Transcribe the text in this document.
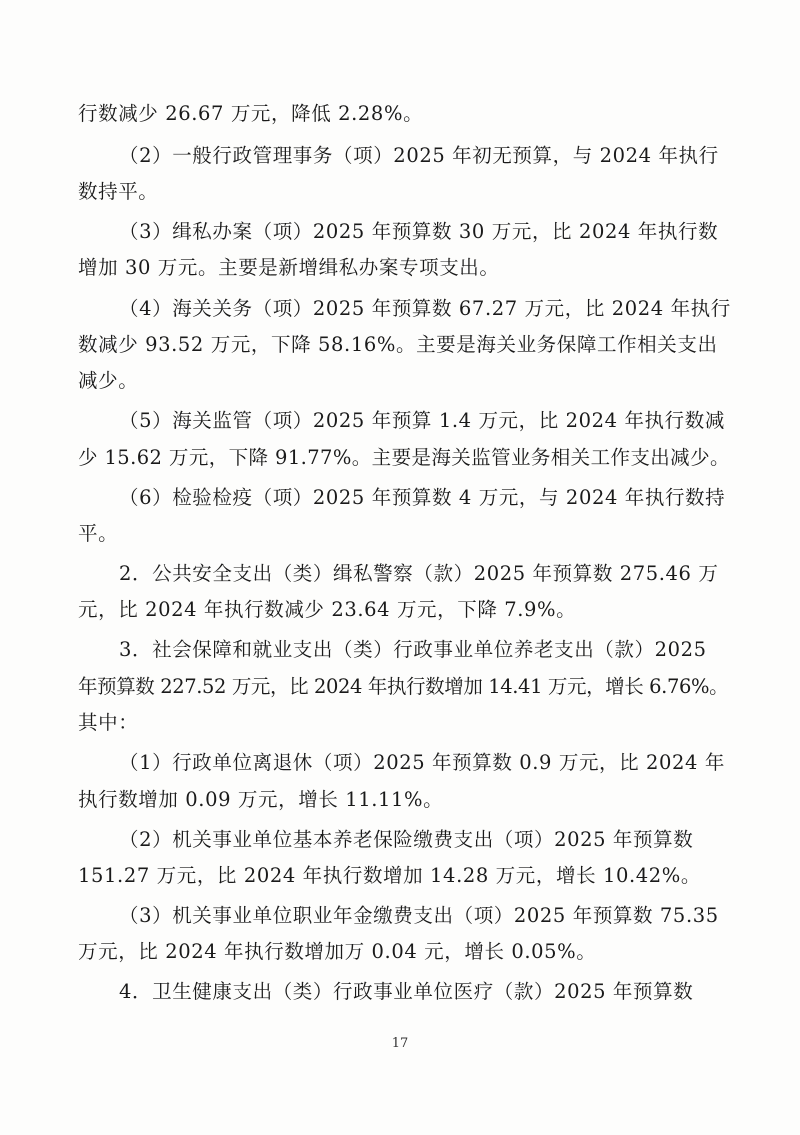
行数减少 26.67 万元，降低 2.28%。
（2）一般行政管理事务（项）2025 年初无预算，与 2024 年执行
数持平。
（3）缉私办案（项）2025 年预算数 30 万元，比 2024 年执行数
增加 30 万元。主要是新增缉私办案专项支出。
（4）海关关务（项）2025 年预算数 67.27 万元，比 2024 年执行
数减少 93.52 万元，下降 58.16%。主要是海关业务保障工作相关支出
减少。
（5）海关监管（项）2025 年预算 1.4 万元，比 2024 年执行数减
少 15.62 万元，下降 91.77%。主要是海关监管业务相关工作支出减少。
（6）检验检疫（项）2025 年预算数 4 万元，与 2024 年执行数持
平。
2．公共安全支出（类）缉私警察（款）2025 年预算数 275.46 万
元，比 2024 年执行数减少 23.64 万元，下降 7.9%。
3．社会保障和就业支出（类）行政事业单位养老支出（款）2025
年预算数 227.52 万元，比 2024 年执行数增加 14.41 万元，增长 6.76%。
其中：
（1）行政单位离退休（项）2025 年预算数 0.9 万元，比 2024 年
执行数增加 0.09 万元，增长 11.11%。
（2）机关事业单位基本养老保险缴费支出（项）2025 年预算数
151.27 万元，比 2024 年执行数增加 14.28 万元，增长 10.42%。
（3）机关事业单位职业年金缴费支出（项）2025 年预算数 75.35
万元，比 2024 年执行数增加万 0.04 元，增长 0.05%。
4．卫生健康支出（类）行政事业单位医疗（款）2025 年预算数
17
